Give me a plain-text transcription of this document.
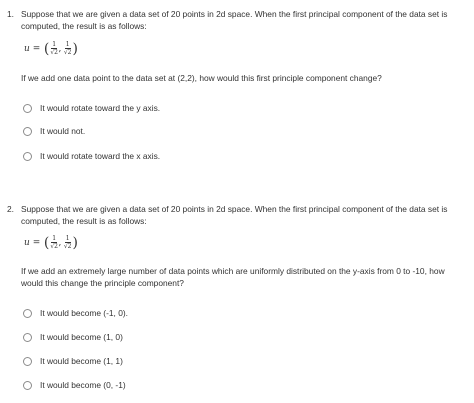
1. Suppose that we are given a data set of 20 points in 2d space. When the first principal component of the data set is computed, the result is as follows:
u = ( $\frac{1}{√2}$ , $\frac{1}{√2}$ )
If we add one data point to the data set at (2,2), how would this first principle component change?
It would rotate toward the y axis.
It would not.
It would rotate toward the x axis.
2. Suppose that we are given a data set of 20 points in 2d space. When the first principal component of the data set is computed, the result is as follows:
u = ( $\frac{1}{√2}$ , $\frac{1}{√2}$ )
If we add an extremely large number of data points which are uniformly distributed on the y-axis from 0 to -10, how would this change the principle component?
It would become (-1, 0).
It would become (1, 0)
It would become (1, 1)
It would become (0, -1)
